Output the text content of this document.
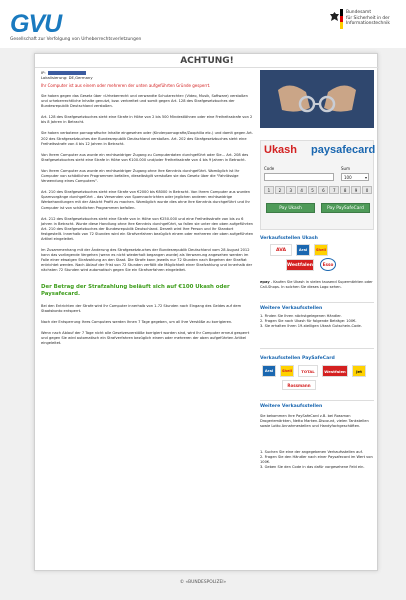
GVU
Gesellschaft zur Verfolgung von Urheberrechtsverletzungen
Bundesamt
für Sicherheit in der
Informationstechnik
ACHTUNG!
IP:
Lokalisierung: DE,Germany
Ihr Computer ist aus einem oder mehreren der unten aufgeführten Gründe gesperrt.
Sie haben gegen das Gesetz über «Urheberrecht und verwandte Schutzrechte» (Video, Musik, Software) verstoßen und urheberrechtliche Inhalte genutzt, bzw. verbreitet und somit gegen Art. 128 des Strafgesetzbuches der Bundesrepublik Deutschland verstoßen.
Art. 128 des Strafgesetzbuches sieht eine Strafe in Höhe von 2 bis 500 Mindestlöhnen oder eine Freiheitsstrafe von 2 bis 8 Jahren in Betracht.
Sie haben verbotene pornografische Inhalte eingesehen oder (Kinderpornografie/Zoophilia etc.) und damit gegen Art. 202 des Strafgesetzbuches der Bundesrepublik Deutschland verstoßen. Art. 202 des Strafgesetzbuches sieht eine Freiheitsstrafe von 4 bis 12 Jahren in Betracht.
Von Ihrem Computer aus wurde ein rechtswidriger Zugang zu Computerdaten durchgeführt oder Sie... Art. 208 des Strafgesetzbuches sieht eine Strafe in Höhe von €100.000 und/oder Freiheitsstrafe von 4 bis 9 Jahren in Betracht.
Von Ihrem Computer aus wurde ein rechtswidriger Zugang ohne Ihre Kenntnis durchgeführt. Womöglich ist Ihr Computer von schädlichen Programmen befallen, dieselbstgilt verstoßen sie das Gesetz über die "Fahrlässige Verwendung eines Computers".
Art. 210 des Strafgesetzbuches sieht eine Strafe von €2000 bis €8000 in Betracht. Von Ihrem Computer aus wurden Spamvorgänge durchgeführt – das Versenden von Spamnachrichten oder jeglichen anderen rechtswidrige Werbehandlungen mit der Absicht Profit zu machen. Womöglich wurde dies ohne Ihre Kenntnis durchgeführt und Ihr Computer ist von schädlichen Programmen befallen.
Art. 212 des Strafgesetzbuches sieht eine Strafe von in Höhe von €250.000 und eine Freiheitsstrafe von bis zu 6 Jahren in Betracht. Wurde diese Handlung ohne Ihre Kenntnis durchgeführt, so fallen sie unter den oben aufgeführten Art. 210 des Strafgesetzbuches der Bundesrepublik Deutschland. Derzeit wird Ihre Person und Ihr Standort festgestellt. Innerhalb von 72 Stunden wird ein Strafverfahren bezüglich einem oder mehreren der oben aufgeführten Artikel eingeleitet.
Im Zusammenhang mit der Änderung des Strafgesetzbuches der Bundesrepublik Deutschland vom 28 August 2012 kann das vorliegende Vergehen (wenn es nicht wiederholt begangen wurde) als Verwarnung angesehen werden im Falle einer etwaigen Strafzahlung an den Staat. Die Strafe kann jeweils nur 72 Stunden nach Begehen der Straftat entrichtet werden. Nach Ablauf der Frist von 72 Stunden verfällt die Möglichkeit einer Strafzahlung und innerhalb der nächsten 72 Stunden wird automatisch gegen Sie ein Strafverfahren eingeleitet.
Der Betrag der Strafzahlung beläuft sich auf €100 Ukash oder Paysafecard.
Bei den Entrichten der Strafe wird Ihr Computer innerhalb von 1-72 Stunden nach Eingang des Geldes auf dem Staatskonto entsperrt.
Nach der Entsperrung Ihres Computers werden Ihnen 7 Tage gegeben, um all Ihre Verstöße zu korrigieren.
Wenn nach Ablauf der 7 Tage nicht alle Gesetzesverstöße korrigiert worden sind, wird Ihr Computer erneut gesperrt und gegen Sie wird automatisch ein Strafverfahren bezüglich einem oder mehreren der oben aufgeführten Artikel eingeleitet.
Ukash paysafecard
Code	Sum
100	▾
1	2	3	4	5	6	7	8	9	0
Pay Ukash	Pay PaySafeCard
Verkaufsstellen Ukash
AVA	Aral	Shell
Westfalen	Esso
epay - Kaufen Sie Ukash in vielen tausend Supermärkten oder Call-Shops. In solchen Sie dieses Logo sehen.
Weitere Verkaufsstellen
1. Finden Sie Ihren nächstgelegenen Händler.
2. Fragen Sie nach Ukash für folgende Beträge: 100€.
3. Sie erhalten Ihren 19-stelligen Ukash Gutschein-Code.
Verkaufsstellen PaySafeCard
Aral	Shell	TOTAL	Westfalen	Jet
Rossmann
Weitere Verkaufsstellen
Sie bekommen Ihre PaySafeCard z.B. bei Rossman Drogeriemärkten, Netto Marken-Discount, vielen Tankstellen sowie Lotto Annahmestellen und Handyfachgeschäften.
1. Suchen Sie eine der angegebenen Verkaufsstellen auf.
2. Fragen Sie den Händler nach einer Paysafecard im Wert von 100€.
3. Geben Sie den Code in das dafür vorgesehene Feld ein.
© «BUNDESPOLIZEI»
